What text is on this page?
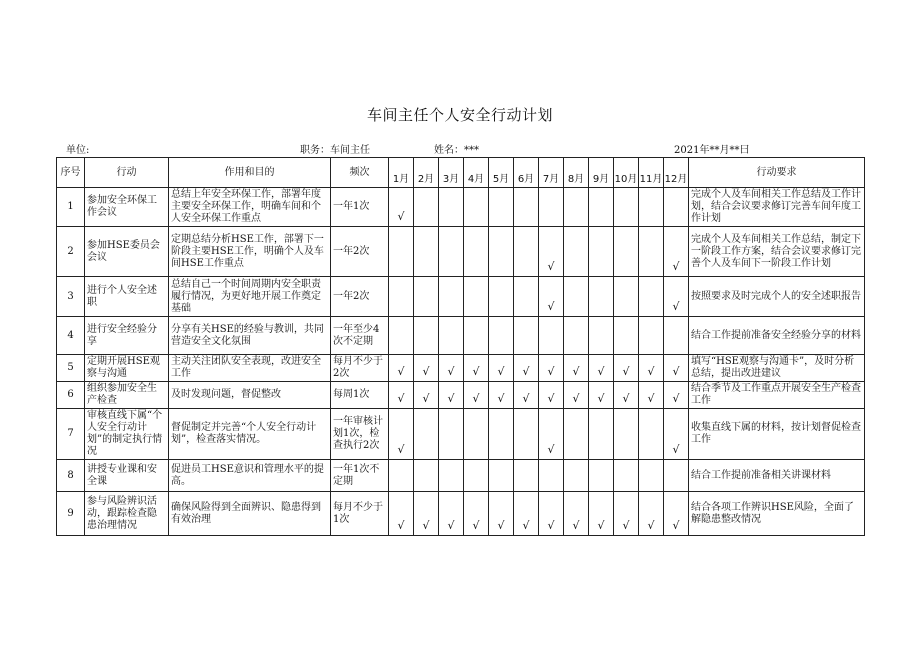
车间主任个人安全行动计划
单位:	职务：车间主任	姓名：***	2021年**月**曰
序号	行动	作用和目的	频次	1月	2月	3月	4月	5月	6月	7月	8月	9月	10月	11月	12月	行动要求
1	参加安全环保工作会议	总结上年安全环保工作，部署年度主要安全环保工作，明确车间和个人安全环保工作重点	一年1次	√												完成个人及车间相关工作总结及工作计划，结合会议要求修订完善车间年度工作计划
2	参加HSE委员会会议	定期总结分析HSE工作，部署下一阶段主要HSE工作，明确个人及车间HSE工作重点	一年2次							√					√	完成个人及车间相关工作总结，制定下一阶段工作方案，结合会议要求修订完善个人及车间下一阶段工作计划
3	进行个人安全述职	总结自己一个时间周期内安全职责履行情况，为更好地开展工作奠定基础	一年2次							√					√	按照要求及时完成个人的安全述职报告
4	进行安全经验分享	分享有关HSE的经验与教训，共同营造安全文化氛围	一年至少4次不定期													结合工作提前准备安全经验分享的材料
5	定期开展HSE观察与沟通	主动关注团队安全表现，改进安全工作	每月不少于2次	√	√	√	√	√	√	√	√	√	√	√	√	填写“HSE观察与沟通卡”，及时分析总结，提出改进建议
6	组织参加安全生产检查	及时发现问题，督促整改	每周1次	√	√	√	√	√	√	√	√	√	√	√	√	结合季节及工作重点开展安全生产检查工作
7	审核直线下属“个人安全行动计划”的制定执行情况	督促制定并完善“个人安全行动计划”，检查落实情况。	一年审核计划1次，检查执行2次	√						√					√	收集直线下属的材料，按计划督促检查工作
8	讲授专业课和安全课	促进员工HSE意识和管理水平的提高。	一年1次不定期													结合工作提前准备相关讲课材料
9	参与风险辨识活动，跟踪检查隐患治理情况	确保风险得到全面辨识、隐患得到有效治理	每月不少于1次	√	√	√	√	√	√	√	√	√	√	√	√	结合各项工作辨识HSE风险，全面了解隐患整改情况
